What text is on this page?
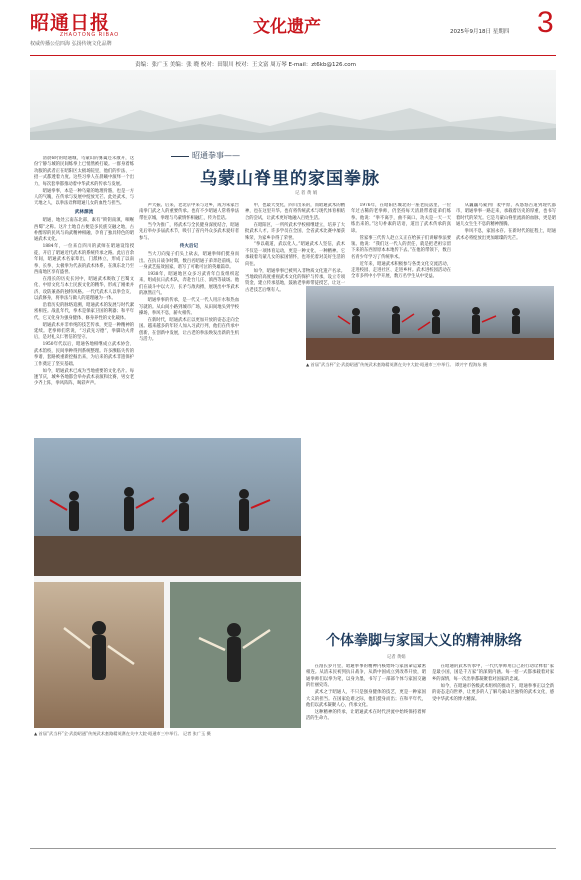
昭通日报
ZHAOTONG RIBAO
权威传播公信四海 弘扬传统文化品牌
文化遗产	2025年9月18日 星期四 3
责编：张广玉 美编：张 晓 校对：田银川 校对：王文富 周万琴 E-mail：zt6kb@126.com
昭通拳事——
乌蒙山脊里的家国拳脉
记 者 黄 娟

清晨6时的昭通城，乌蒙山的雾霭还未散开，这份宁静与城的民间练拳上已悄然被打破。一群身着练功服的武者正在昭阳区太极场院里，他们的步法、一招一式都透着力度。这些习拳人在晨曦中演绎一个出力，每次套拳都推动着中华武术的传承与发展。

昭通拳事，本是一种乌蒙的地理骨骼，也是一方人的气魄，在传承与发展中绽放光芒。此处武术，与天地之人，以拳法诠释昭通儿女的血性与担当。

武林源流

昭通，地处云南东北部，素有“锁钥南滇，咽喉西蜀”之称。这片土地自古便是多民族交融之地，古朴醇厚的民风与尚武精神相融，孕育了独具特色的昭通武术文化。

1884年，一位来自四川的武师在昭通设馆授徒，开启了昭通近代武术的系统传承之路。此后百余年间，昭通武术名家辈出，门派林立，形成了以南拳、长拳、太极拳为代表的武术体系，在滇东北乃至西南地区享有盛誉。

在漫长的历史长河中，昭通武术吸收了巴蜀文化、中原文化与本土民族文化的精华，形成了刚柔并济、攻防兼备的独特风格。一代代武术人以拳会友、以武修身，将拳法与做人的道理融为一体。

沿着历史的脉络追溯，昭通武术的发展与时代紧密相连。战乱年代，拳术是保家卫国的利器；和平年代，它又化身为强身健体、修身养性的文化载体。

昭通武术并非单纯的技艺传承，更是一种精神的延续。老拳师们常说，“习武先习德”，拳脚功夫背后，是对礼义仁智信的坚守。

1950年代以后，昭通各地相继成立武术协会、武术馆校，民间拳种得到系统整理。许多濒临失传的拳谱、套路被重新挖掘出来，为后来的武术非遗保护工作奠定了坚实基础。

如今，昭通武术已成为当地重要的文化名片。每逢节庆，城乡各地都会举办武术表演和比赛，男女老少齐上阵，拳风阵阵，喝彩声声。

声大振。后来，老北京中来与这乡，成为朱家台南拳门武之人的重要传承。也有不少昭通人常将拳法带往京城，拳理与乌蒙情怀相融汇，传为佳话。

当今为推广，将武术与全民健身深度结合，昭通先后举办多届武术节，吸引了省内外众多武术爱好者参与。

传火后记

当大刀向鬼子们头上砍去，昭通拳师们挺身而出。在抗日战争时期，数百名昭通子弟奔赴前线，以一身武艺报效国家，谱写了可歌可泣的英雄篇章。

1938年，昭通地区众多习武青年自发组织起来，组成抗日武术队，奔赴台儿庄、滇西等战场。他们在战斗中以大刀、长矛与敌肉搏，展现出中华武术的凛然正气。

昭通拳事的传承，是一代又一代人用汗水和热血写就的。从山间小路到城市广场，从田间地头到学校操场，拳风不息，薪火相传。

在新时代，昭通武术正以更加开放的姿态走向全国。越来越多的年轻人加入习武行列，他们在传承中创新，在创新中发展，让古老的拳法焕发出新的生机与活力。

申，也最大变化，四川出来的，而昭通武术的精神，也在这里升华。也有将传统武术与现代体育相结合的尝试，让武术更好地融入百姓生活。

在昭阳区，一所所武术学校相继建立，培养了大批武术人才。许多学员在全国、全省武术比赛中屡获殊荣，为家乡争得了荣誉。

“拳以载道，武以化人。”昭通武术人坚信，武术不仅是一项体育运动，更是一种文化、一种精神。它承载着乌蒙儿女的家国情怀，也寄托着对美好生活的向往。

如今，昭通拳事已被列入非物质文化遗产名录。当地政府高度重视武术文化的保护与传承，设立专项资金，建立传承基地，鼓励老拳师带徒授艺，让这一古老技艺后继有人。

1976年，在昭阳区城北的一座老院落里，一位年过古稀的老拳师，仍坚持每天清晨带着徒弟们练拳。他说：“拳不离手，曲不离口。功夫是一天一天练出来的。”这句朴素的话语，道出了武术传承的真谛。

管家事三代传人赵立义正在给孩子们讲解拳法要领。他说：“我们这一代人的责任，就是把老祖宗留下来的东西原原本本地传下去。”在他的带领下，数百名青少年学习了传统拳术。

近年来，昭通武术积极参与各类文化交流活动，走进校园、走进社区、走进乡村。武术进校园活动在全市多所中小学开展，数万名学生从中受益。

从巍巍乌蒙到广袤中原，从悠悠古道到现代都市，昭通拳事一路走来，承载着历史的厚重，也书写着时代的荣光。它是乌蒙山脊里流淌的血脉，更是昭通儿女生生不息的精神图腾。

拳风不息，家国永存。在新时代的征程上，昭通武术必将绽放出更加璀璨的光芒。

▲ 首届“武当杯”全·武韵昭通”传统武术套路精英赛在关中大院·昭通市三中举行。 谭兴宇 程海东 摄
▲ 首届“武当杯”全·武韵昭通”传统武术套路精英赛在关中大院·昭通市三中举行。 记者 张广玉 摄
个体拳脚与家国大义的精神脉络
记者 黄娟

在漫长岁月里，昭通拳事的精神内核始终与家国命运紧密相连。从清末民初到抗日战争，从新中国成立到改革开放，昭通拳师们以拳为笔，以身为墨，书写了一部部个体与家国交融的壮丽史诗。

武术之于昭通人，不只是强身健体的技艺，更是一种家国大义的担当。在国家危难之际，他们挺身而出；在和平年代，他们以武术凝聚人心，传承文化。

这种精神的传承，让昭通武术在时代洪流中始终保持着鲜活的生命力。

在昭通的武术传承中，一代代拳师用自己的行动诠释着“家是最小国，国是千万家”的深刻内涵。每一招一式都承载着对家乡的深情，每一次出拳都凝聚着对国家的忠诚。

如今，在昭通市各级武术组织的推动下，昭通拳事正以全新的姿态走向世界，让更多的人了解乌蒙山区独特的武术文化，感受中华武术的博大精深。
